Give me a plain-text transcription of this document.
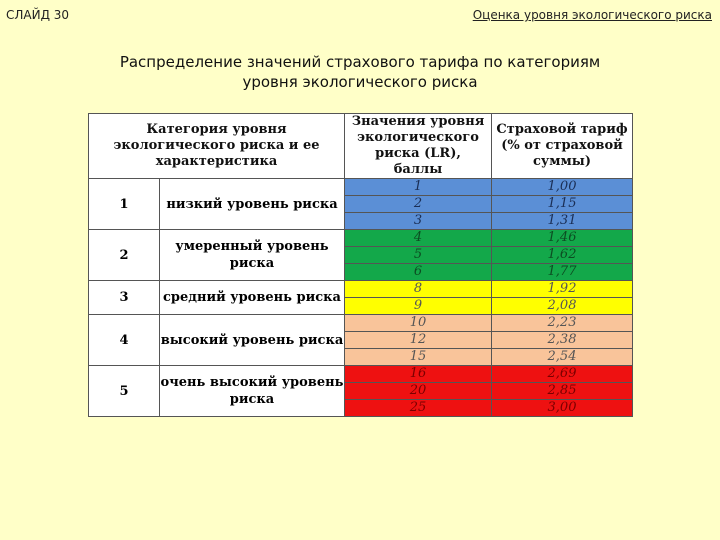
СЛАЙД 30	Оценка уровня экологического риска
Распределение значений страхового тарифа по категориям
уровня экологического риска
Категория уровня экологического риска и ее характеристика		Значения уровня экологического риска (LR), баллы	Страховой тариф (% от страховой суммы)
1	низкий уровень риска	1	1,00
		2	1,15
		3	1,31
2	умеренный уровень риска	4	1,46
		5	1,62
		6	1,77
3	средний уровень риска	8	1,92
		9	2,08
4	высокий уровень риска	10	2,23
		12	2,38
		15	2,54
5	очень высокий уровень риска	16	2,69
		20	2,85
		25	3,00
